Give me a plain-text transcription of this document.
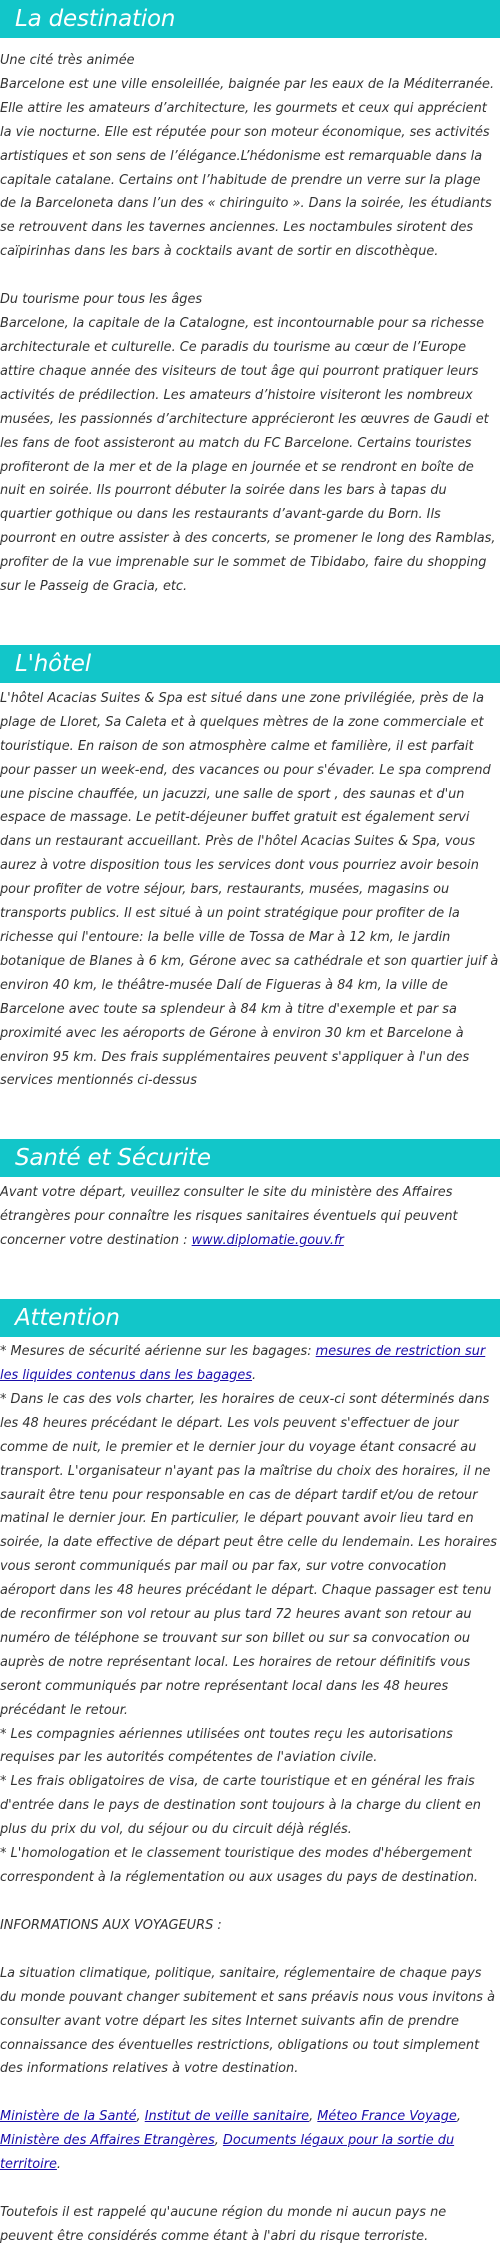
La destination

Une cité très animée

Barcelone est une ville ensoleillée, baignée par les eaux de la Méditerranée. Elle attire les amateurs d’architecture, les gourmets et ceux qui apprécient la vie nocturne. Elle est réputée pour son moteur économique, ses activités artistiques et son sens de l’élégance.L’hédonisme est remarquable dans la capitale catalane. Certains ont l’habitude de prendre un verre sur la plage de la Barceloneta dans l’un des « chiringuito ». Dans la soirée, les étudiants se retrouvent dans les tavernes anciennes. Les noctambules sirotent des caïpirinhas dans les bars à cocktails avant de sortir en discothèque.

Du tourisme pour tous les âges

Barcelone, la capitale de la Catalogne, est incontournable pour sa richesse architecturale et culturelle. Ce paradis du tourisme au cœur de l’Europe attire chaque année des visiteurs de tout âge qui pourront pratiquer leurs activités de prédilection. Les amateurs d’histoire visiteront les nombreux musées, les passionnés d’architecture apprécieront les œuvres de Gaudi et les fans de foot assisteront au match du FC Barcelone. Certains touristes profiteront de la mer et de la plage en journée et se rendront en boîte de nuit en soirée. Ils pourront débuter la soirée dans les bars à tapas du quartier gothique ou dans les restaurants d’avant-garde du Born. Ils pourront en outre assister à des concerts, se promener le long des Ramblas, profiter de la vue imprenable sur le sommet de Tibidabo, faire du shopping sur le Passeig de Gracia, etc.

L'hôtel

L'hôtel Acacias Suites & Spa est situé dans une zone privilégiée, près de la plage de Lloret, Sa Caleta et à quelques mètres de la zone commerciale et touristique. En raison de son atmosphère calme et familière, il est parfait pour passer un week-end, des vacances ou pour s'évader. Le spa comprend une piscine chauffée, un jacuzzi, une salle de sport , des saunas et d'un espace de massage. Le petit-déjeuner buffet gratuit est également servi dans un restaurant accueillant. Près de l'hôtel Acacias Suites & Spa, vous aurez à votre disposition tous les services dont vous pourriez avoir besoin pour profiter de votre séjour, bars, restaurants, musées, magasins ou transports publics. Il est situé à un point stratégique pour profiter de la richesse qui l'entoure: la belle ville de Tossa de Mar à 12 km, le jardin botanique de Blanes à 6 km, Gérone avec sa cathédrale et son quartier juif à environ 40 km, le théâtre-musée Dalí de Figueras à 84 km, la ville de Barcelone avec toute sa splendeur à 84 km à titre d'exemple et par sa proximité avec les aéroports de Gérone à environ 30 km et Barcelone à environ 95 km. Des frais supplémentaires peuvent s'appliquer à l'un des services mentionnés ci-dessus

Santé et Sécurite

Avant votre départ, veuillez consulter le site du ministère des Affaires étrangères pour connaître les risques sanitaires éventuels qui peuvent concerner votre destination : www.diplomatie.gouv.fr

Attention

* Mesures de sécurité aérienne sur les bagages: mesures de restriction sur les liquides contenus dans les bagages.

* Dans le cas des vols charter, les horaires de ceux-ci sont déterminés dans les 48 heures précédant le départ. Les vols peuvent s'effectuer de jour comme de nuit, le premier et le dernier jour du voyage étant consacré au transport. L'organisateur n'ayant pas la maîtrise du choix des horaires, il ne saurait être tenu pour responsable en cas de départ tardif et/ou de retour matinal le dernier jour. En particulier, le départ pouvant avoir lieu tard en soirée, la date effective de départ peut être celle du lendemain. Les horaires vous seront communiqués par mail ou par fax, sur votre convocation aéroport dans les 48 heures précédant le départ. Chaque passager est tenu de reconfirmer son vol retour au plus tard 72 heures avant son retour au numéro de téléphone se trouvant sur son billet ou sur sa convocation ou auprès de notre représentant local. Les horaires de retour définitifs vous seront communiqués par notre représentant local dans les 48 heures précédant le retour.

* Les compagnies aériennes utilisées ont toutes reçu les autorisations requises par les autorités compétentes de l'aviation civile.

* Les frais obligatoires de visa, de carte touristique et en général les frais d'entrée dans le pays de destination sont toujours à la charge du client en plus du prix du vol, du séjour ou du circuit déjà réglés.

* L'homologation et le classement touristique des modes d'hébergement correspondent à la réglementation ou aux usages du pays de destination.

INFORMATIONS AUX VOYAGEURS :

La situation climatique, politique, sanitaire, réglementaire de chaque pays du monde pouvant changer subitement et sans préavis nous vous invitons à consulter avant votre départ les sites Internet suivants afin de prendre connaissance des éventuelles restrictions, obligations ou tout simplement des informations relatives à votre destination.

Ministère de la Santé, Institut de veille sanitaire, Méteo France Voyage, Ministère des Affaires Etrangères, Documents légaux pour la sortie du territoire.

Toutefois il est rappelé qu'aucune région du monde ni aucun pays ne peuvent être considérés comme étant à l'abri du risque terroriste.
